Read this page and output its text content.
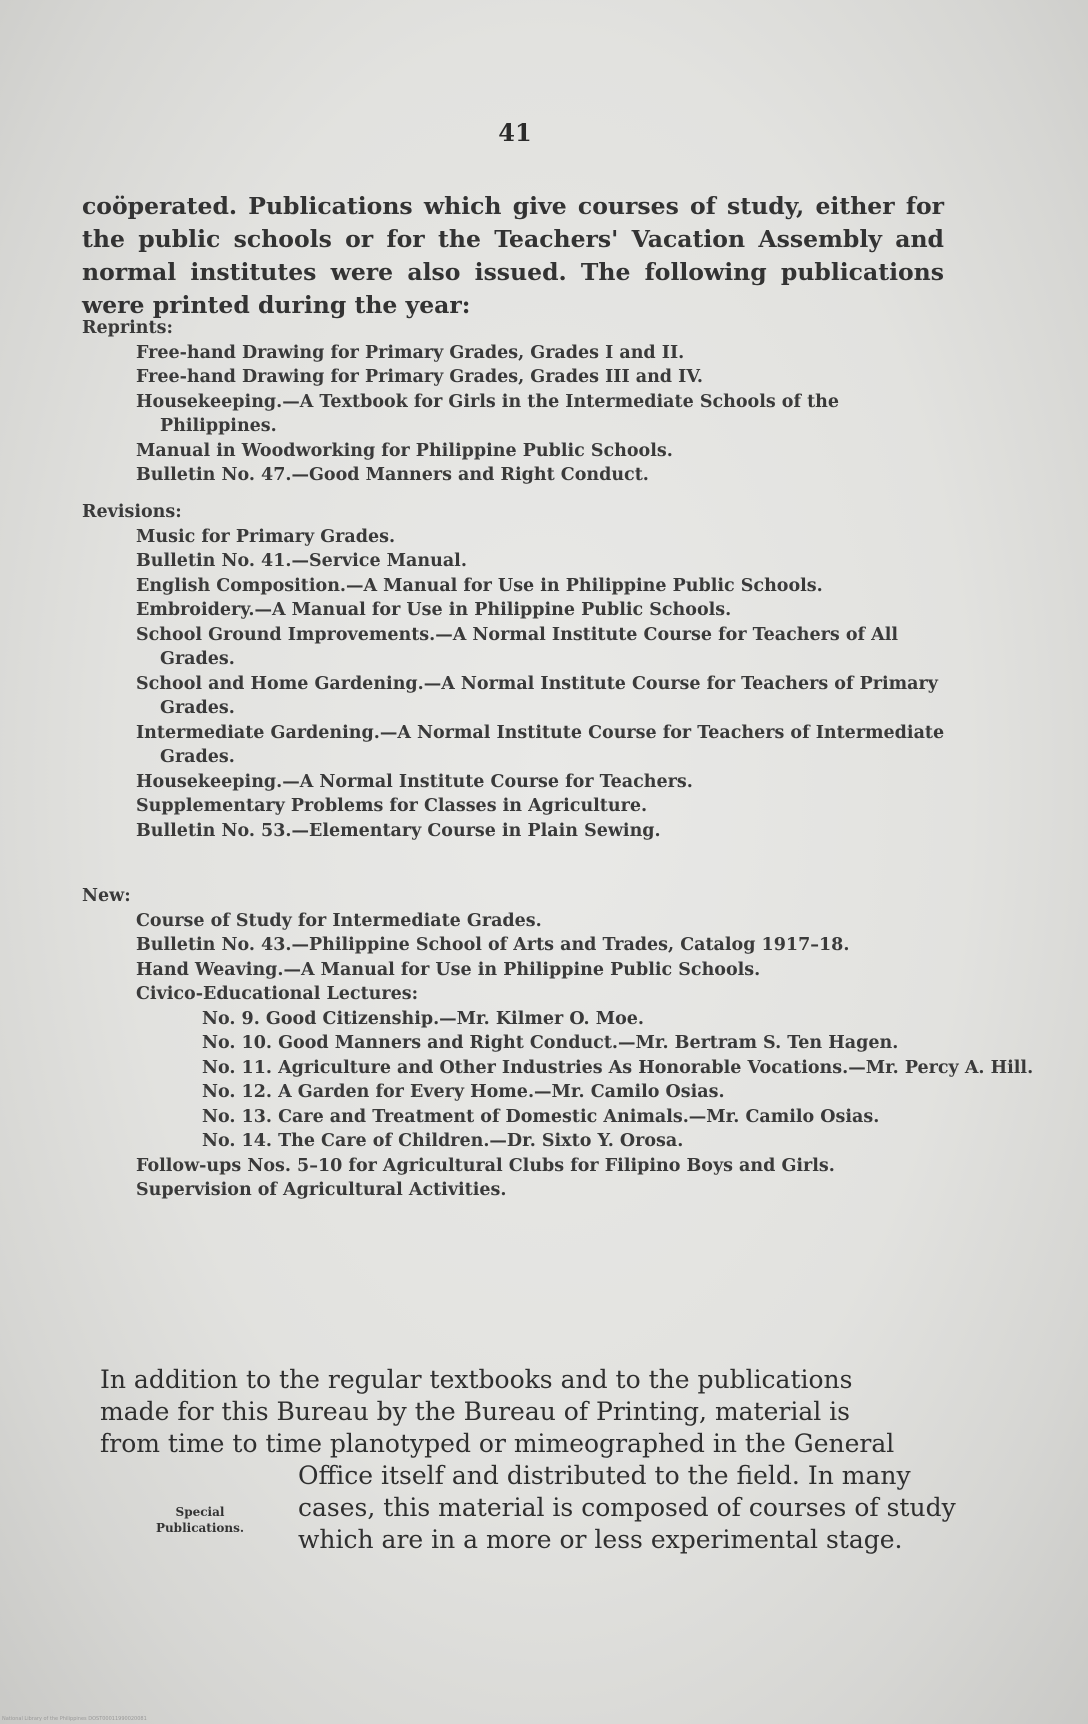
41

coöperated. Publications which give courses of study, either for the public schools or for the Teachers' Vacation Assembly and normal institutes were also issued. The following publications were printed during the year:

Reprints:

Free-hand Drawing for Primary Grades, Grades I and II.

Free-hand Drawing for Primary Grades, Grades III and IV.

Housekeeping.—A Textbook for Girls in the Intermediate Schools of the Philippines.

Manual in Woodworking for Philippine Public Schools.

Bulletin No. 47.—Good Manners and Right Conduct.

Revisions:

Music for Primary Grades.

Bulletin No. 41.—Service Manual.

English Composition.—A Manual for Use in Philippine Public Schools.

Embroidery.—A Manual for Use in Philippine Public Schools.

School Ground Improvements.—A Normal Institute Course for Teachers of All Grades.

School and Home Gardening.—A Normal Institute Course for Teachers of Primary Grades.

Intermediate Gardening.—A Normal Institute Course for Teachers of Intermediate Grades.

Housekeeping.—A Normal Institute Course for Teachers.

Supplementary Problems for Classes in Agriculture.

Bulletin No. 53.—Elementary Course in Plain Sewing.

New:

Course of Study for Intermediate Grades.

Bulletin No. 43.—Philippine School of Arts and Trades, Catalog 1917–18.

Hand Weaving.—A Manual for Use in Philippine Public Schools.

Civico-Educational Lectures:

No. 9. Good Citizenship.—Mr. Kilmer O. Moe.

No. 10. Good Manners and Right Conduct.—Mr. Bertram S. Ten Hagen.

No. 11. Agriculture and Other Industries As Honorable Vocations.—Mr. Percy A. Hill.

No. 12. A Garden for Every Home.—Mr. Camilo Osias.

No. 13. Care and Treatment of Domestic Animals.—Mr. Camilo Osias.

No. 14. The Care of Children.—Dr. Sixto Y. Orosa.

Follow-ups Nos. 5–10 for Agricultural Clubs for Filipino Boys and Girls.

Supervision of Agricultural Activities.

In addition to the regular textbooks and to the publications

made for this Bureau by the Bureau of Printing, material is

from time to time planotyped or mimeographed in the General

Office itself and distributed to the field. In many

cases, this material is composed of courses of study

which are in a more or less experimental stage.

Special
Publications.
National Library of the Philippines DOST00011990020081
